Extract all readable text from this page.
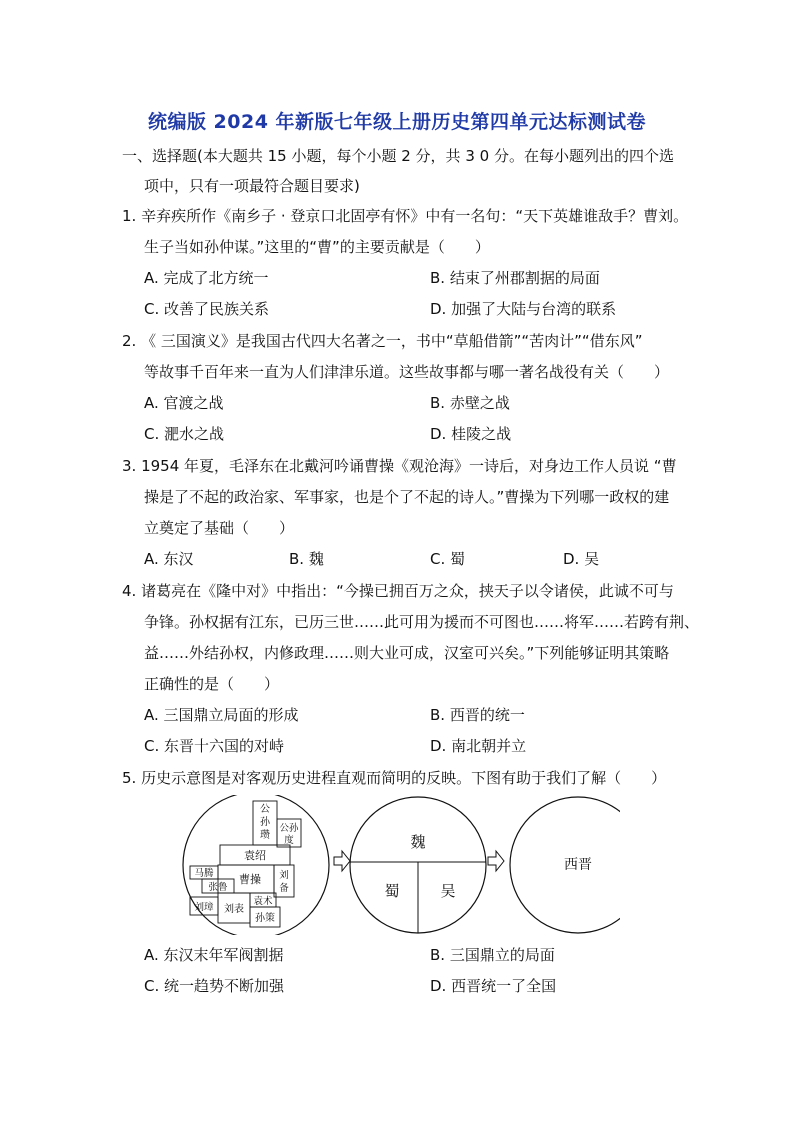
统编版 2024 年新版七年级上册历史第四单元达标测试卷
一、选择题(本大题共 15 小题，每个小题 2 分，共 3 0 分。在每小题列出的四个选
项中，只有一项最符合题目要求)
1. 辛弃疾所作《南乡子 · 登京口北固亭有怀》中有一名句：“天下英雄谁敌手？曹刘。
生子当如孙仲谋。”这里的“曹”的主要贡献是（　　）
A. 完成了北方统一	B. 结束了州郡割据的局面
C. 改善了民族关系	D. 加强了大陆与台湾的联系
2. 《 三国演义》是我国古代四大名著之一，书中“草船借箭”“苦肉计”“借东风”
等故事千百年来一直为人们津津乐道。这些故事都与哪一著名战役有关（　　）
A. 官渡之战	B. 赤壁之战
C. 淝水之战	D. 桂陵之战
3. 1954 年夏，毛泽东在北戴河吟诵曹操《观沧海》一诗后，对身边工作人员说 “曹
操是了不起的政治家、军事家，也是个了不起的诗人。”曹操为下列哪一政权的建
立奠定了基础（　　）
A. 东汉	B. 魏	C. 蜀	D. 吴
4. 诸葛亮在《隆中对》中指出：“今操已拥百万之众，挟天子以令诸侯，此诚不可与
争锋。孙权据有江东，已历三世……此可用为援而不可图也……将军……若跨有荆、
益……外结孙权，内修政理……则大业可成，汉室可兴矣。”下列能够证明其策略
正确性的是（　　）
A. 三国鼎立局面的形成	B. 西晋的统一
C. 东晋十六国的对峙	D. 南北朝并立
5. 历史示意图是对客观历史进程直观而简明的反映。下图有助于我们了解（　　）
公
孙
瓒
公孙
度
袁绍
马腾
张鲁
曹操 刘
备
袁术
刘璋 刘表
孙策
魏
蜀	吴
西晋
A. 东汉末年军阀割据	B. 三国鼎立的局面
C. 统一趋势不断加强	D. 西晋统一了全国
